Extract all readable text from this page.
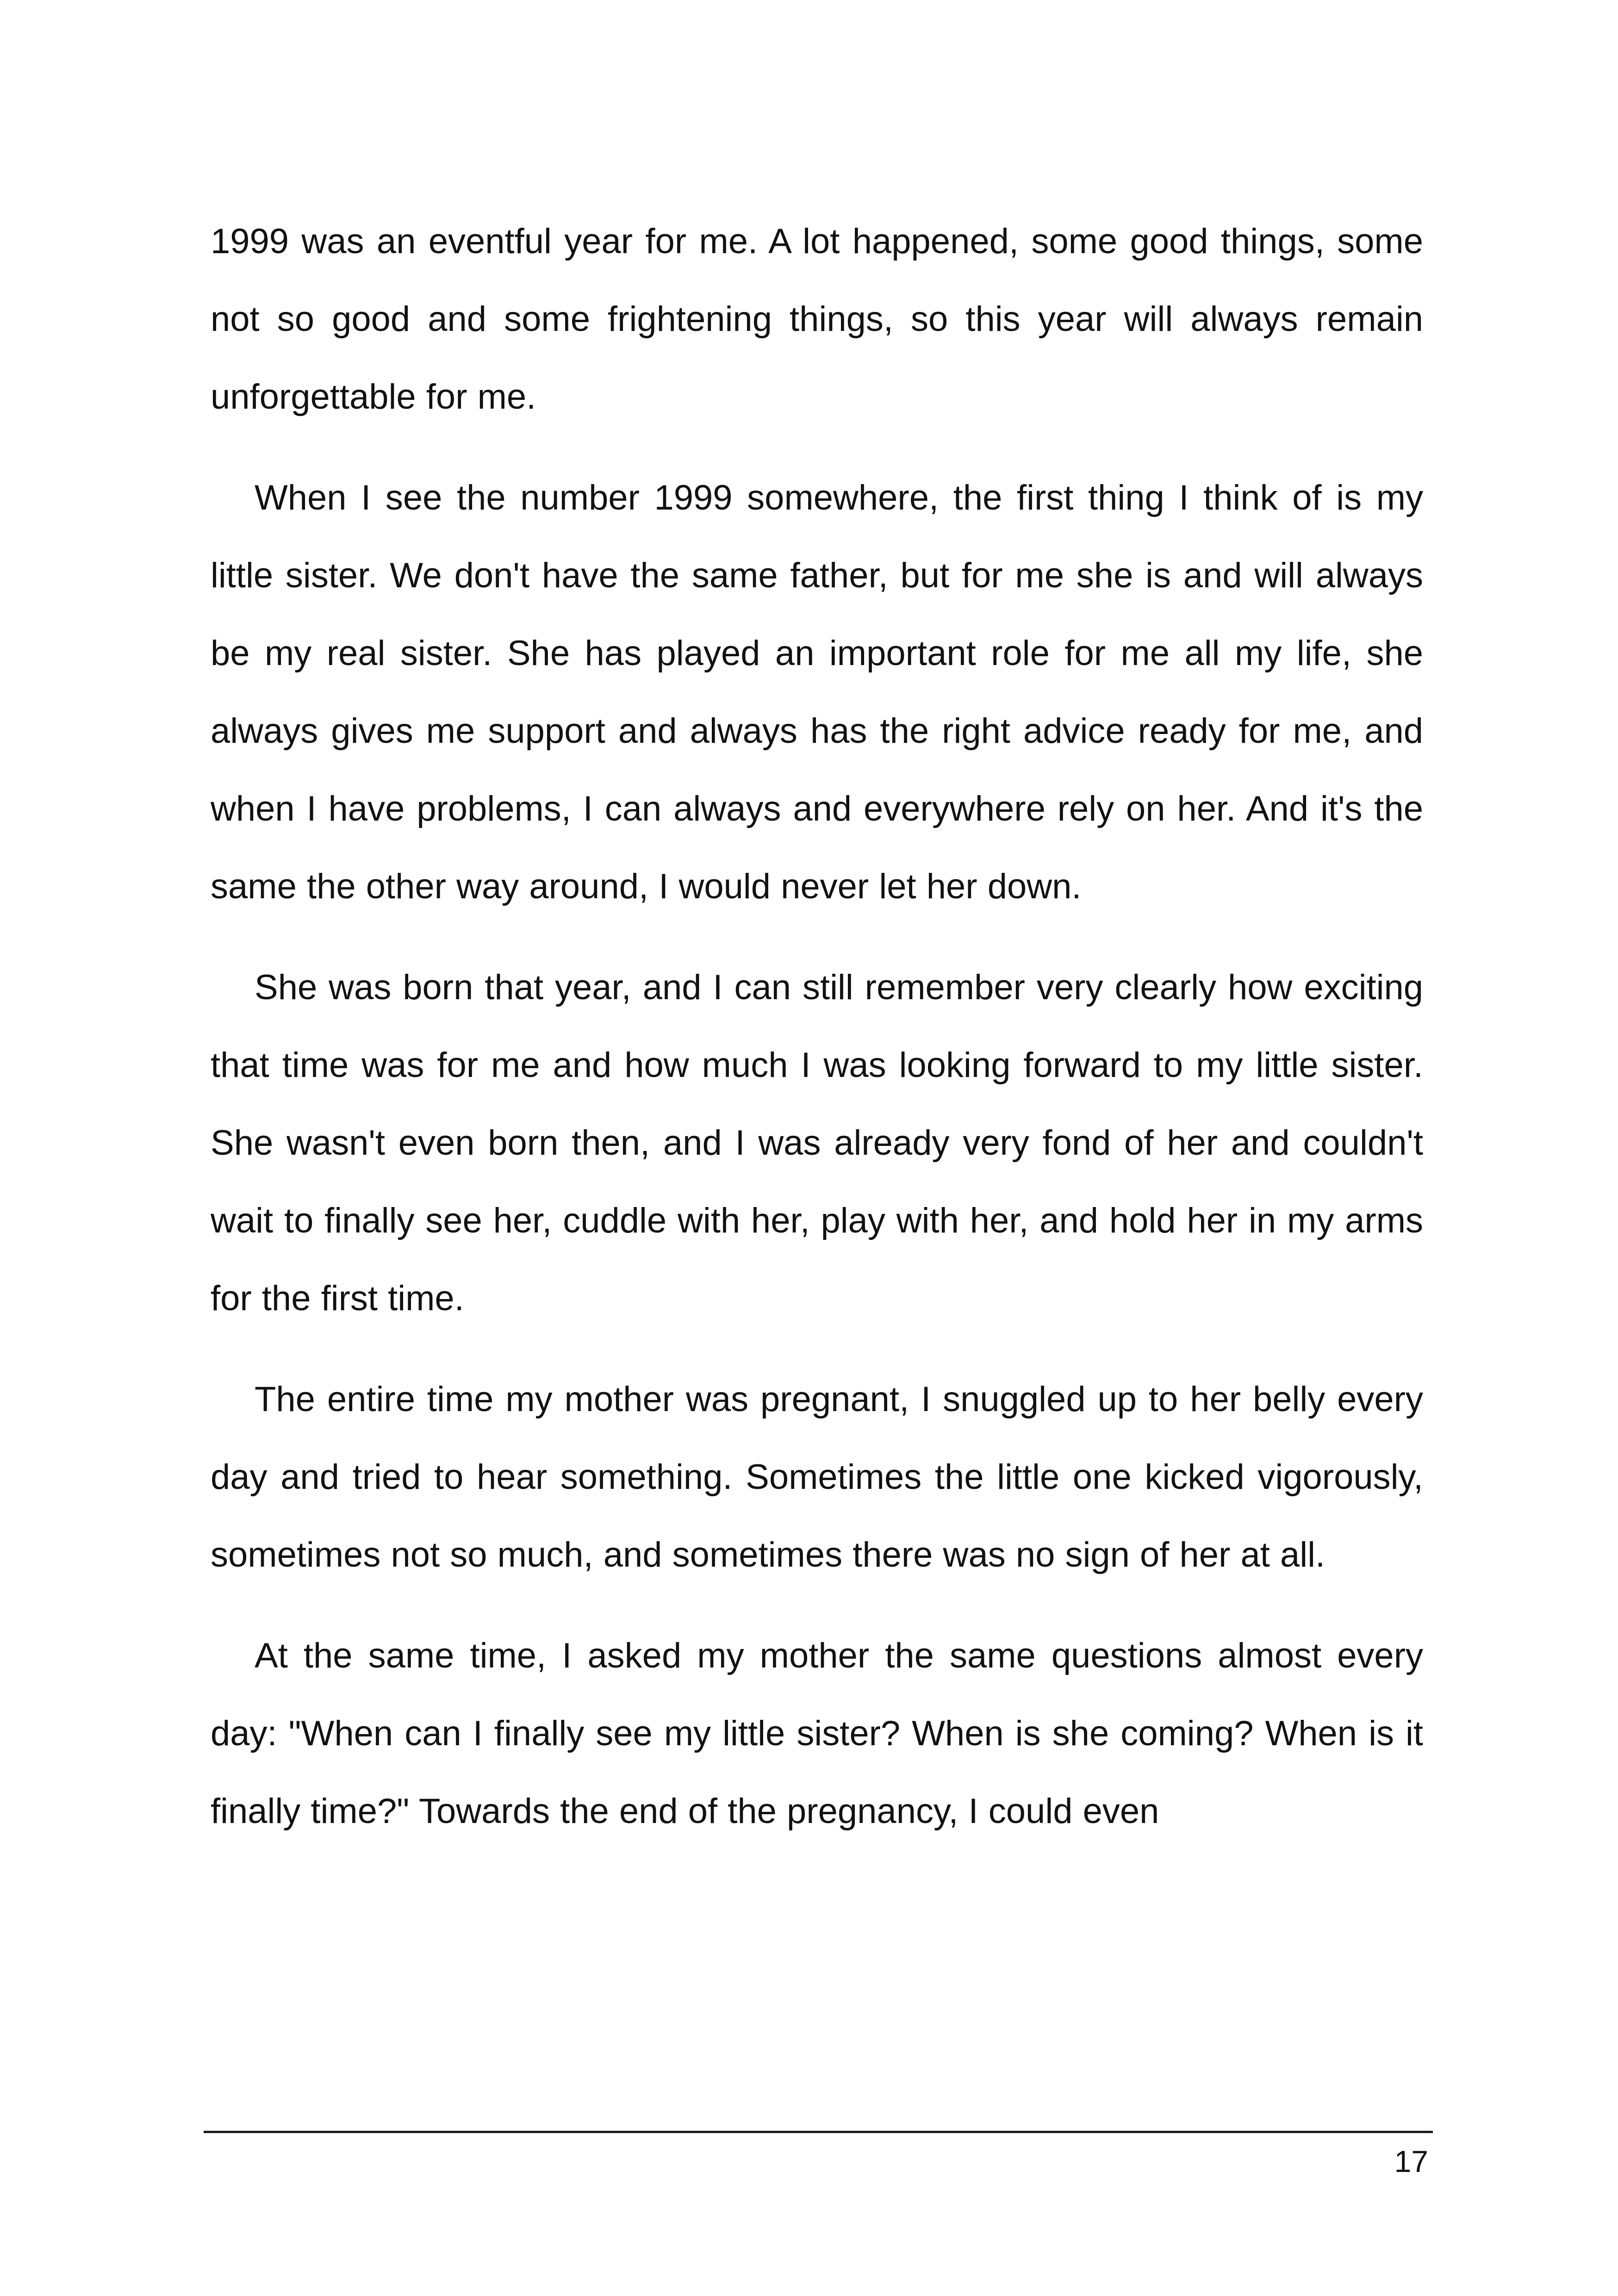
1999 was an eventful year for me. A lot happened, some good things, some not so good and some frightening things, so this year will always remain unforgettable for me.

When I see the number 1999 somewhere, the first thing I think of is my little sister. We don't have the same father, but for me she is and will always be my real sister. She has played an important role for me all my life, she always gives me support and always has the right advice ready for me, and when I have problems, I can always and everywhere rely on her. And it's the same the other way around, I would never let her down.

She was born that year, and I can still remember very clearly how exciting that time was for me and how much I was looking forward to my little sister. She wasn't even born then, and I was already very fond of her and couldn't wait to finally see her, cuddle with her, play with her, and hold her in my arms for the first time.

The entire time my mother was pregnant, I snuggled up to her belly every day and tried to hear something. Sometimes the little one kicked vigorously, sometimes not so much, and sometimes there was no sign of her at all.

At the same time, I asked my mother the same questions almost every day: "When can I finally see my little sister? When is she coming? When is it finally time?" Towards the end of the pregnancy, I could even

17
